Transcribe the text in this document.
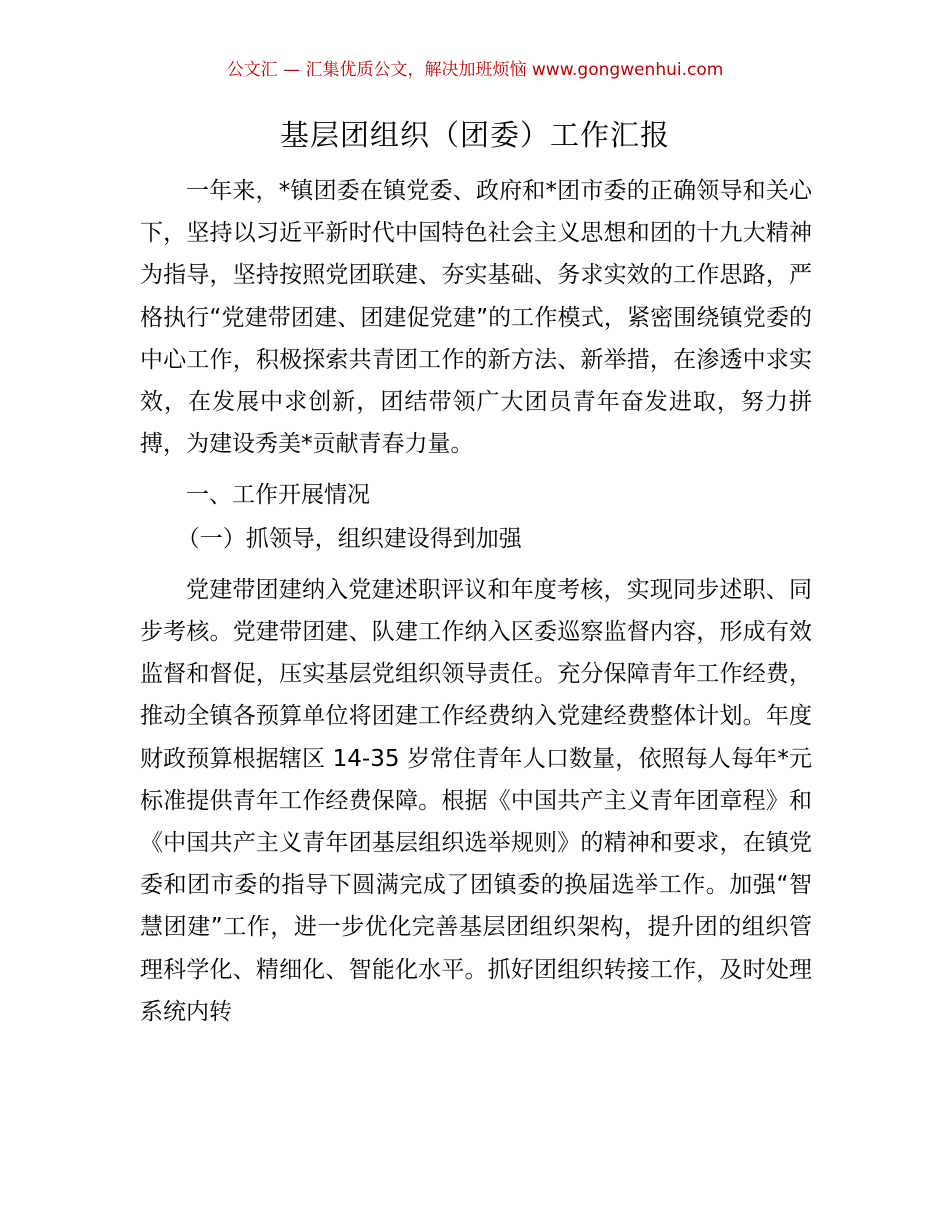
公文汇 — 汇集优质公文，解决加班烦恼 www.gongwenhui.com
基层团组织（团委）工作汇报

一年来，*镇团委在镇党委、政府和*团市委的正确领导和关心下，坚持以习近平新时代中国特色社会主义思想和团的十九大精神为指导，坚持按照党团联建、夯实基础、务求实效的工作思路，严格执行“党建带团建、团建促党建”的工作模式，紧密围绕镇党委的中心工作，积极探索共青团工作的新方法、新举措，在渗透中求实效，在发展中求创新，团结带领广大团员青年奋发进取，努力拼搏，为建设秀美*贡献青春力量。

一、工作开展情况

（一）抓领导，组织建设得到加强

党建带团建纳入党建述职评议和年度考核，实现同步述职、同步考核。党建带团建、队建工作纳入区委巡察监督内容，形成有效监督和督促，压实基层党组织领导责任。充分保障青年工作经费，推动全镇各预算单位将团建工作经费纳入党建经费整体计划。年度财政预算根据辖区 14-35 岁常住青年人口数量，依照每人每年*元标准提供青年工作经费保障。根据《中国共产主义青年团章程》和《中国共产主义青年团基层组织选举规则》的精神和要求，在镇党委和团市委的指导下圆满完成了团镇委的换届选举工作。加强“智慧团建”工作，进一步优化完善基层团组织架构，提升团的组织管理科学化、精细化、智能化水平。抓好团组织转接工作，及时处理系统内转
